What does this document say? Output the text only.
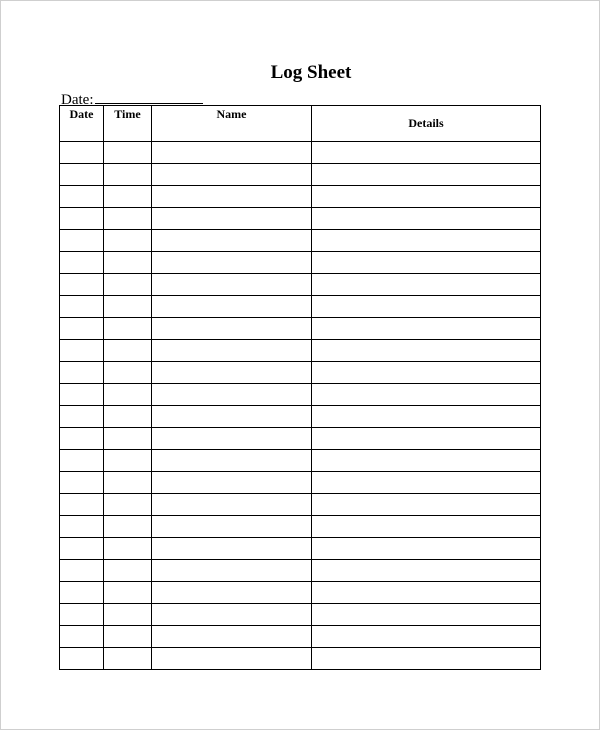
Log Sheet
Date:
Date	Time	Name	Details
